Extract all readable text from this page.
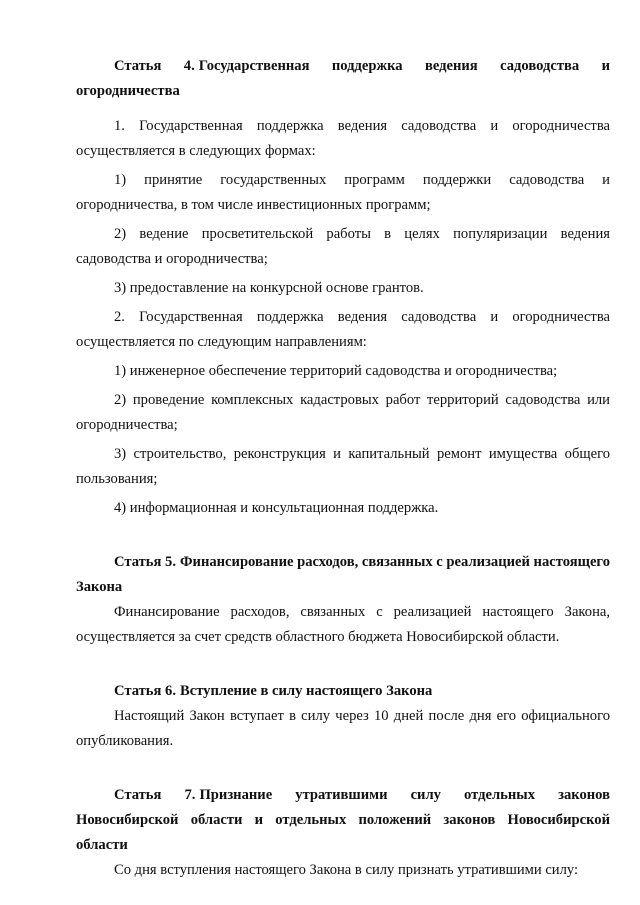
Статья 4. Государственная поддержка ведения садоводства и огородничества

1. Государственная поддержка ведения садоводства и огородничества осуществляется в следующих формах:

1) принятие государственных программ поддержки садоводства и огородничества, в том числе инвестиционных программ;

2) ведение просветительской работы в целях популяризации ведения садоводства и огородничества;

3) предоставление на конкурсной основе грантов.

2. Государственная поддержка ведения садоводства и огородничества осуществляется по следующим направлениям:

1) инженерное обеспечение территорий садоводства и огородничества;

2) проведение комплексных кадастровых работ территорий садоводства или огородничества;

3) строительство, реконструкция и капитальный ремонт имущества общего пользования;

4) информационная и консультационная поддержка.

Статья 5. Финансирование расходов, связанных с реализацией настоящего Закона

Финансирование расходов, связанных с реализацией настоящего Закона, осуществляется за счет средств областного бюджета Новосибирской области.

Статья 6. Вступление в силу настоящего Закона

Настоящий Закон вступает в силу через 10 дней после дня его официального опубликования.

Статья 7. Признание утратившими силу отдельных законов Новосибирской области и отдельных положений законов Новосибирской области

Со дня вступления настоящего Закона в силу признать утратившими силу:
